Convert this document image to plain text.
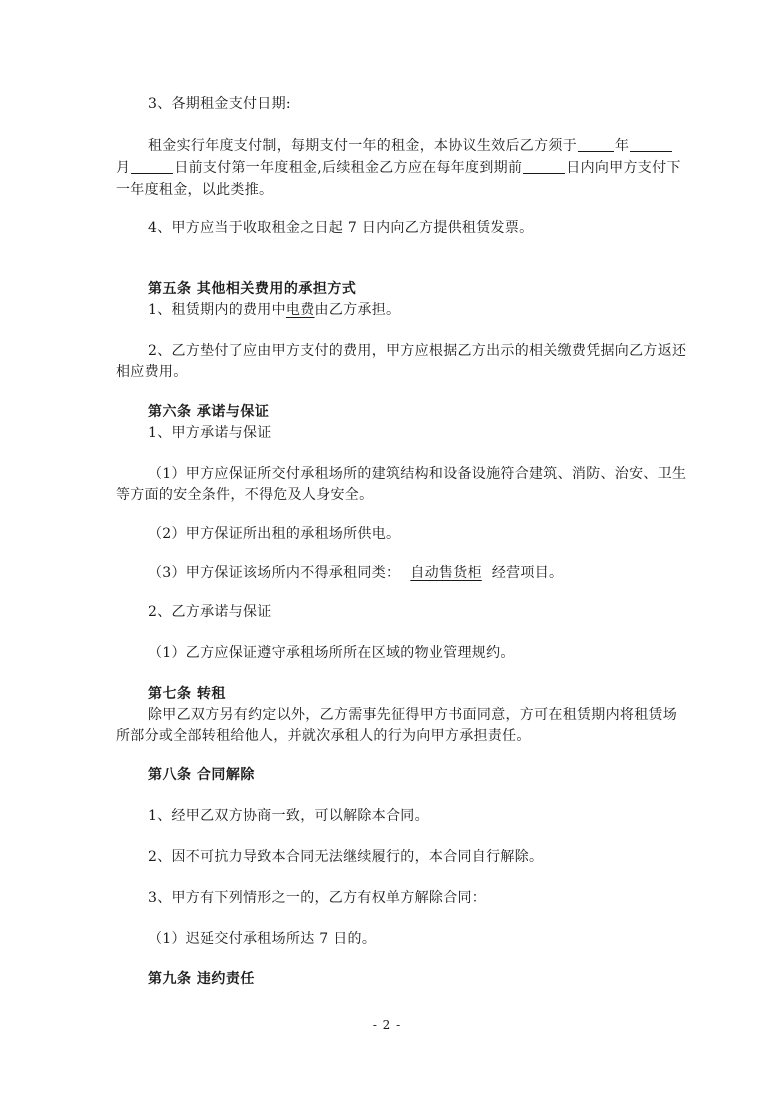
3、各期租金支付日期:
租金实行年度支付制，每期支付一年的租金，本协议生效后乙方须于	年
月	日前支付第一年度租金,后续租金乙方应在每年度到期前	日内向甲方支付下
一年度租金，以此类推。
4、甲方应当于收取租金之日起 7 日内向乙方提供租赁发票。
第五条 其他相关费用的承担方式
1、租赁期内的费用中电费由乙方承担。
2、乙方垫付了应由甲方支付的费用，甲方应根据乙方出示的相关缴费凭据向乙方返还
相应费用。
第六条 承诺与保证
1、甲方承诺与保证
（1）甲方应保证所交付承租场所的建筑结构和设备设施符合建筑、消防、治安、卫生
等方面的安全条件，不得危及人身安全。
（2）甲方保证所出租的承租场所供电。
（3）甲方保证该场所内不得承租同类： 自动售货柜 经营项目。
2、乙方承诺与保证
（1）乙方应保证遵守承租场所所在区域的物业管理规约。
第七条 转租
除甲乙双方另有约定以外，乙方需事先征得甲方书面同意，方可在租赁期内将租赁场
所部分或全部转租给他人，并就次承租人的行为向甲方承担责任。
第八条 合同解除
1、经甲乙双方协商一致，可以解除本合同。
2、因不可抗力导致本合同无法继续履行的，本合同自行解除。
3、甲方有下列情形之一的，乙方有权单方解除合同：
（1）迟延交付承租场所达 7 日的。
第九条 违约责任
- 2 -
